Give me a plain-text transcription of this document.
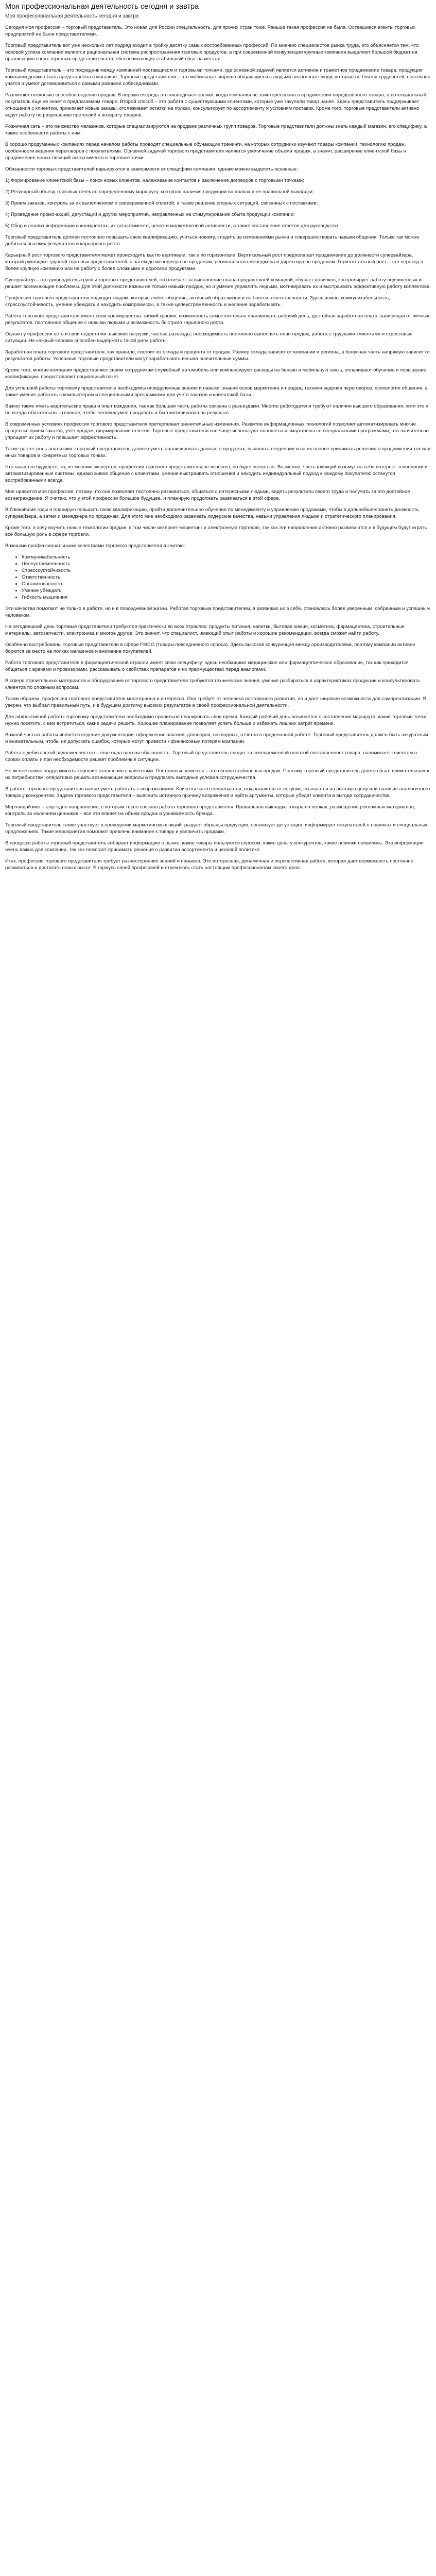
Моя профессиональная деятельность сегодня и завтра
Моя профессиональная деятельность сегодня и завтра

Сегодня моя профессия – торговый представитель. Это новая для России специальность, для прочих стран тоже. Раньше такая профессия не была. Оставшиеся агенты торговых предприятий не были представителями.

Торговый представитель вот уже несколько лет подряд входит в тройку десятку самых востребованных профессий. По мнению специалистов рынка труда, это объясняется тем, что основой успеха компании является рациональная система распространения торговых продуктов, а при современной конкуренции крупные компании выделяют большой бюджет на организацию своих торговых представительств, обеспечивающих стабильный сбыт на местах.

Торговый представитель – это посредник между компанией-поставщиком и торговыми точками, где основной задачей является активное и грамотное продвижение товара, продукция компании должна быть представлена в магазине. Торговые представители – это мобильные, хорошо общающиеся с людьми энергичные люди, которые не боятся трудностей, постоянно учатся и умеют договариваться с самыми разными собеседниками.

Различают несколько способов ведения продаж. В первую очередь это «холодные» звонки, когда компания не заинтересована в продвижении определённого товара, а потенциальный покупатель еще не знает о предлагаемом товаре. Второй способ – это работа с существующими клиентами, которые уже закупали товар ранее. Здесь представитель поддерживает отношения с клиентом, принимает новые заказы, отслеживает остатки на полках, консультирует по ассортименту и условиям поставок. Кроме того, торговые представители активно ведут работу по разрешению претензий и возврату товаров.

Розничная сеть – это множество магазинов, которые специализируются на продаже различных групп товаров. Торговые представители должны знать каждый магазин, его специфику, а также особенности работы с ним.

В хорошо продуманных компаниях перед началом работы проводят специальные обучающие тренинги, на которых сотрудники изучают товары компании, технологию продаж, особенности ведения переговоров с покупателями. Основной задачей торгового представителя является увеличение объема продаж, а значит, расширение клиентской базы и продвижение новых позиций ассортимента в торговые точки.

Обязанности торговых представителей варьируются в зависимости от специфики компании, однако можно выделить основные:

1) Формирование клиентской базы – поиск новых клиентов, налаживание контактов и заключение договоров с торговыми точками;

2) Регулярный объезд торговых точек по определенному маршруту, контроль наличия продукции на полках и ее правильной выкладки;

3) Прием заказов, контроль за их выполнением и своевременной оплатой, а также решение спорных ситуаций, связанных с поставками;

4) Проведение промо-акций, дегустаций и других мероприятий, направленных на стимулирование сбыта продукции компании;

5) Сбор и анализ информации о конкурентах, их ассортименте, ценах и маркетинговой активности, а также составление отчетов для руководства.

Торговый представитель должен постоянно повышать свою квалификацию, учиться новому, следить за изменениями рынка и совершенствовать навыки общения. Только так можно добиться высоких результатов и карьерного роста.

Карьерный рост торгового представителя может происходить как по вертикали, так и по горизонтали. Вертикальный рост предполагает продвижение до должности супервайзера, который руководит группой торговых представителей, а затем до менеджера по продажам, регионального менеджера и директора по продажам. Горизонтальный рост – это переход в более крупную компанию или на работу с более сложными и дорогими продуктами.

Супервайзер – это руководитель группы торговых представителей, он отвечает за выполнение плана продаж своей командой, обучает новичков, контролирует работу подчиненных и решает возникающие проблемы. Для этой должности важны не только навыки продаж, но и умение управлять людьми, мотивировать их и выстраивать эффективную работу коллектива.

Профессия торгового представителя подходит людям, которые любят общение, активный образ жизни и не боятся ответственности. Здесь важны коммуникабельность, стрессоустойчивость, умение убеждать и находить компромиссы, а также целеустремленность и желание зарабатывать.

Работа торгового представителя имеет свои преимущества: гибкий график, возможность самостоятельно планировать рабочий день, достойная заработная плата, зависящая от личных результатов, постоянное общение с новыми людьми и возможность быстрого карьерного роста.

Однако у профессии есть и свои недостатки: высокие нагрузки, частые разъезды, необходимость постоянно выполнять план продаж, работа с трудными клиентами и стрессовые ситуации. Не каждый человек способен выдержать такой ритм работы.

Заработная плата торгового представителя, как правило, состоит из оклада и процента от продаж. Размер оклада зависит от компании и региона, а бонусная часть напрямую зависит от результатов работы. Успешные торговые представители могут зарабатывать весьма значительные суммы.

Кроме того, многие компании предоставляют своим сотрудникам служебный автомобиль или компенсируют расходы на бензин и мобильную связь, оплачивают обучение и повышение квалификации, предоставляют социальный пакет.

Для успешной работы торговому представителю необходимы определенные знания и навыки: знание основ маркетинга и продаж, техники ведения переговоров, психологии общения, а также умение работать с компьютером и специальными программами для учета заказов и клиентской базы.

Важно также иметь водительские права и опыт вождения, так как большая часть работы связана с разъездами. Многие работодатели требуют наличия высшего образования, хотя это и не всегда обязательно – главное, чтобы человек умел продавать и был мотивирован на результат.

В современных условиях профессия торгового представителя претерпевает значительные изменения. Развитие информационных технологий позволяет автоматизировать многие процессы: прием заказов, учет продаж, формирование отчетов. Торговые представители все чаще используют планшеты и смартфоны со специальными программами, что значительно упрощает их работу и повышает эффективность.

Также растет роль аналитики: торговый представитель должен уметь анализировать данные о продажах, выявлять тенденции и на их основе принимать решения о продвижении тех или иных товаров в конкретных торговых точках.

Что касается будущего, то, по мнению экспертов, профессия торгового представителя не исчезнет, но будет меняться. Возможно, часть функций возьмут на себя интернет-технологии и автоматизированные системы, однако живое общение с клиентами, умение выстраивать отношения и находить индивидуальный подход к каждому покупателю останутся востребованными всегда.

Мне нравится моя профессия, потому что она позволяет постоянно развиваться, общаться с интересными людьми, видеть результаты своего труда и получать за это достойное вознаграждение. Я считаю, что у этой профессии большое будущее, и планирую продолжать развиваться в этой сфере.

В ближайшие годы я планирую повысить свою квалификацию, пройти дополнительное обучение по менеджменту и управлению продажами, чтобы в дальнейшем занять должность супервайзера, а затем и менеджера по продажам. Для этого мне необходимо развивать лидерские качества, навыки управления людьми и стратегического планирования.

Кроме того, я хочу изучить новые технологии продаж, в том числе интернет-маркетинг и электронную торговлю, так как эти направления активно развиваются и в будущем будут играть все большую роль в сфере торговли.

Важными профессиональными качествами торгового представителя я считаю:

• Коммуникабельность
• Целеустремленность
• Стрессоустойчивость
• Ответственность
• Организованность
• Умение убеждать
• Гибкость мышления

Эти качества помогают не только в работе, но и в повседневной жизни. Работая торговым представителем, я развиваю их в себе, становлюсь более уверенным, собранным и успешным человеком.

На сегодняшний день торговые представители требуются практически во всех отраслях: продукты питания, напитки, бытовая химия, косметика, фармацевтика, строительные материалы, автозапчасти, электроника и многое другое. Это значит, что специалист, имеющий опыт работы и хорошие рекомендации, всегда сможет найти работу.

Особенно востребованы торговые представители в сфере FMCG (товары повседневного спроса). Здесь высокая конкуренция между производителями, поэтому компании активно борются за место на полках магазинов и внимание покупателей.

Работа торгового представителя в фармацевтической отрасли имеет свою специфику: здесь необходимо медицинское или фармацевтическое образование, так как приходится общаться с врачами и провизорами, рассказывать о свойствах препаратов и их преимуществах перед аналогами.

В сфере строительных материалов и оборудования от торгового представителя требуются технические знания, умение разбираться в характеристиках продукции и консультировать клиентов по сложным вопросам.

Таким образом, профессия торгового представителя многогранна и интересна. Она требует от человека постоянного развития, но и дает широкие возможности для самореализации. Я уверен, что выбрал правильный путь, и в будущем достигну высоких результатов в своей профессиональной деятельности.

Для эффективной работы торговому представителю необходимо правильно планировать свое время. Каждый рабочий день начинается с составления маршрута: какие торговые точки нужно посетить, с кем встретиться, какие задачи решить. Хорошее планирование позволяет успеть больше и избежать лишних затрат времени.

Важной частью работы является ведение документации: оформление заказов, договоров, накладных, отчетов о проделанной работе. Торговый представитель должен быть аккуратным и внимательным, чтобы не допускать ошибок, которые могут привести к финансовым потерям компании.

Работа с дебиторской задолженностью – еще одна важная обязанность. Торговый представитель следит за своевременной оплатой поставленного товара, напоминает клиентам о сроках оплаты и при необходимости решает проблемные ситуации.

Не менее важно поддерживать хорошие отношения с клиентами. Постоянные клиенты – это основа стабильных продаж. Поэтому торговый представитель должен быть внимательным к их потребностям, оперативно решать возникающие вопросы и предлагать выгодные условия сотрудничества.

В работе торгового представителя важно уметь работать с возражениями. Клиенты часто сомневаются, отказываются от покупки, ссылаются на высокую цену или наличие аналогичного товара у конкурентов. Задача торгового представителя – выяснить истинную причину возражения и найти аргументы, которые убедят клиента в выгоде сотрудничества.

Мерчандайзинг – еще одно направление, с которым тесно связана работа торгового представителя. Правильная выкладка товара на полках, размещение рекламных материалов, контроль за наличием ценников – все это влияет на объем продаж и узнаваемость бренда.

Торговый представитель также участвует в проведении маркетинговых акций: раздает образцы продукции, организует дегустации, информирует покупателей о новинках и специальных предложениях. Такие мероприятия помогают привлечь внимание к товару и увеличить продажи.

В процессе работы торговый представитель собирает информацию о рынке: какие товары пользуются спросом, какие цены у конкурентов, какие новинки появились. Эта информация очень важна для компании, так как помогает принимать решения о развитии ассортимента и ценовой политике.

Итак, профессия торгового представителя требует разносторонних знаний и навыков. Это интересная, динамичная и перспективная работа, которая дает возможность постоянно развиваться и достигать новых высот. Я горжусь своей профессией и стремлюсь стать настоящим профессионалом своего дела.
